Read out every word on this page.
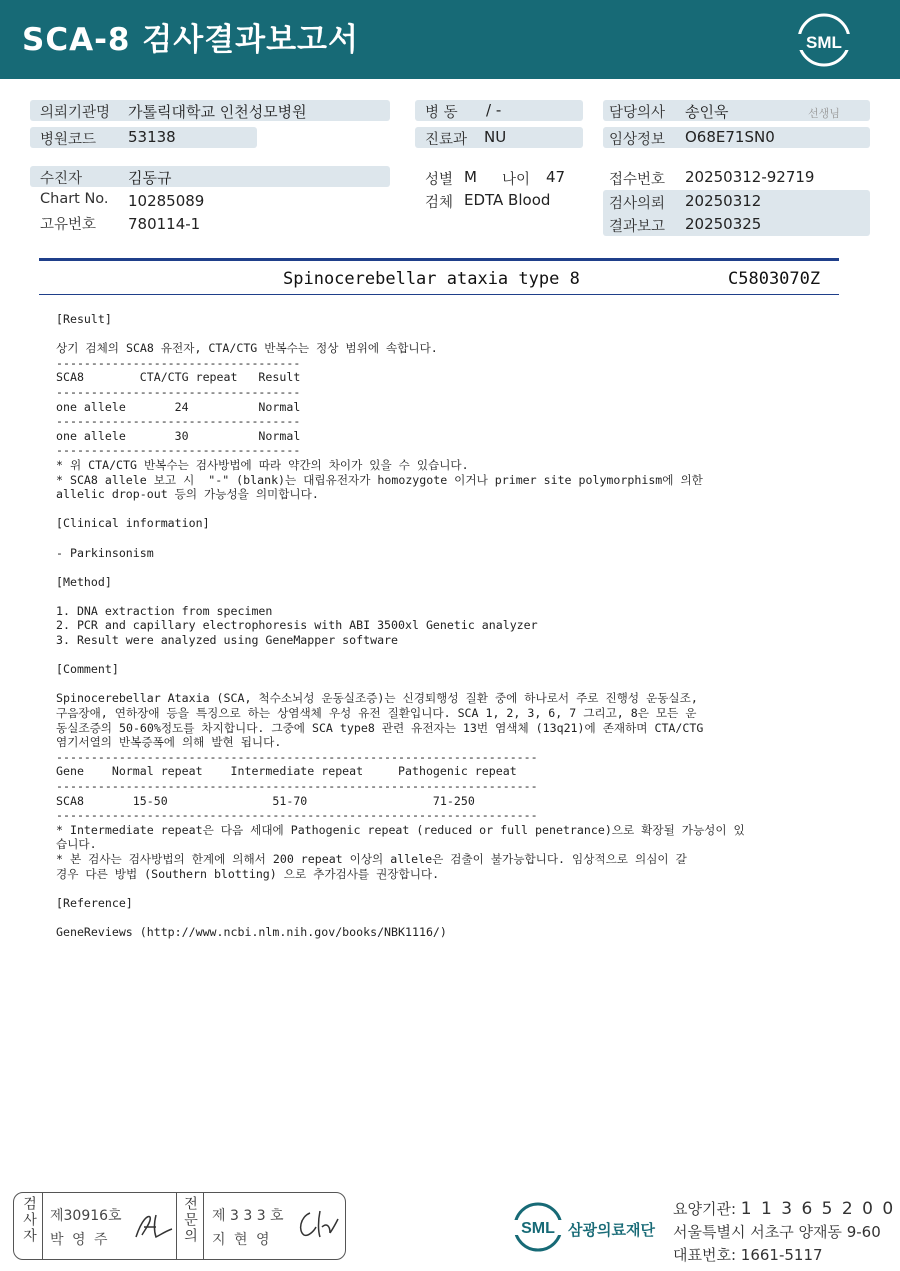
SCA-8 검사결과보고서	SML
의뢰기관명 가톨릭대학교 인천성모병원
병원코드 53138
병 동 / -
진료과 NU
담당의사 송인욱	선생님
임상정보 O68E71SN0
수진자	김동규
Chart No. 10285089
고유번호 780114-1
성별 M 나이 47
검체 EDTA Blood
접수번호 20250312-92719
검사의뢰 20250312
결과보고 20250325
Spinocerebellar ataxia type 8	C5803070Z
[Result]

상기 검체의 SCA8 유전자, CTA/CTG 반복수는 정상 범위에 속합니다.
-----------------------------------
SCA8        CTA/CTG repeat   Result
-----------------------------------
one allele       24          Normal
-----------------------------------
one allele       30          Normal
-----------------------------------
* 위 CTA/CTG 반복수는 검사방법에 따라 약간의 차이가 있을 수 있습니다.
* SCA8 allele 보고 시  "-" (blank)는 대립유전자가 homozygote 이거나 primer site polymorphism에 의한
allelic drop-out 등의 가능성을 의미합니다.

[Clinical information]

- Parkinsonism

[Method]

1. DNA extraction from specimen
2. PCR and capillary electrophoresis with ABI 3500xl Genetic analyzer
3. Result were analyzed using GeneMapper software

[Comment]

Spinocerebellar Ataxia (SCA, 척수소뇌성 운동실조증)는 신경퇴행성 질환 중에 하나로서 주로 진행성 운동실조,
구음장애, 연하장애 등을 특징으로 하는 상염색체 우성 유전 질환입니다. SCA 1, 2, 3, 6, 7 그리고, 8은 모든 운
동실조증의 50-60%정도를 차지합니다. 그중에 SCA type8 관련 유전자는 13번 염색체 (13q21)에 존재하며 CTA/CTG
염기서열의 반복증폭에 의해 발현 됩니다.
---------------------------------------------------------------------
Gene    Normal repeat    Intermediate repeat     Pathogenic repeat
---------------------------------------------------------------------
SCA8       15-50               51-70                  71-250
---------------------------------------------------------------------
* Intermediate repeat은 다음 세대에 Pathogenic repeat (reduced or full penetrance)으로 확장될 가능성이 있
습니다.
* 본 검사는 검사방법의 한계에 의해서 200 repeat 이상의 allele은 검출이 불가능합니다. 임상적으로 의심이 갈
경우 다른 방법 (Southern blotting) 으로 추가검사를 권장합니다.

[Reference]

GeneReviews (http://www.ncbi.nlm.nih.gov/books/NBK1116/)
검사자 제30916호
박 영 주	전문의 제 3 3 3 호
지 현 영
SML 삼광의료재단
요양기관: 1 1 3 6 5 2 0 0
서울특별시 서초구 양재동 9-60
대표번호: 1661-5117
